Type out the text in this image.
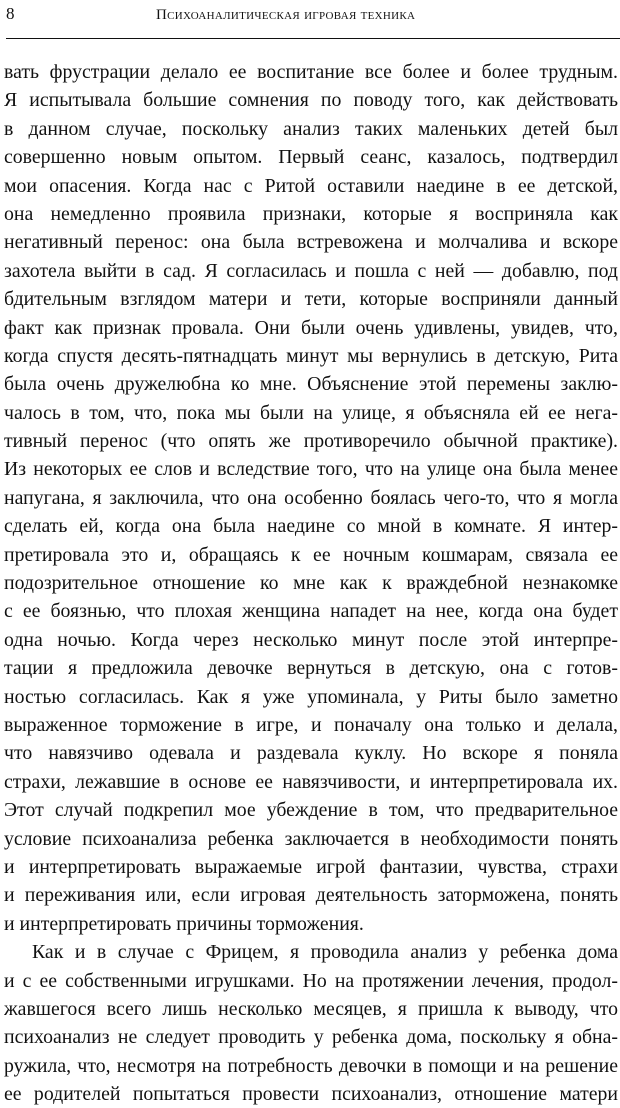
8	Психоаналитическая игровая техника
вать фрустрации делало ее воспитание все более и более трудным.
Я испытывала большие сомнения по поводу того, как действовать
в данном случае, поскольку анализ таких маленьких детей был
совершенно новым опытом. Первый сеанс, казалось, подтвердил
мои опасения. Когда нас с Ритой оставили наедине в ее детской,
она немедленно проявила признаки, которые я восприняла как
негативный перенос: она была встревожена и молчалива и вскоре
захотела выйти в сад. Я согласилась и пошла с ней — добавлю, под
бдительным взглядом матери и тети, которые восприняли данный
факт как признак провала. Они были очень удивлены, увидев, что,
когда спустя десять-пятнадцать минут мы вернулись в детскую, Рита
была очень дружелюбна ко мне. Объяснение этой перемены заклю-
чалось в том, что, пока мы были на улице, я объясняла ей ее нега-
тивный перенос (что опять же противоречило обычной практике).
Из некоторых ее слов и вследствие того, что на улице она была менее
напугана, я заключила, что она особенно боялась чего-то, что я могла
сделать ей, когда она была наедине со мной в комнате. Я интер-
претировала это и, обращаясь к ее ночным кошмарам, связала ее
подозрительное отношение ко мне как к враждебной незнакомке
с ее боязнью, что плохая женщина нападет на нее, когда она будет
одна ночью. Когда через несколько минут после этой интерпре-
тации я предложила девочке вернуться в детскую, она с готов-
ностью согласилась. Как я уже упоминала, у Риты было заметно
выраженное торможение в игре, и поначалу она только и делала,
что навязчиво одевала и раздевала куклу. Но вскоре я поняла
страхи, лежавшие в основе ее навязчивости, и интерпретировала их.
Этот случай подкрепил мое убеждение в том, что предварительное
условие психоанализа ребенка заключается в необходимости понять
и интерпретировать выражаемые игрой фантазии, чувства, страхи
и переживания или, если игровая деятельность заторможена, понять
и интерпретировать причины торможения.
Как и в случае с Фрицем, я проводила анализ у ребенка дома
и с ее собственными игрушками. Но на протяжении лечения, продол-
жавшегося всего лишь несколько месяцев, я пришла к выводу, что
психоанализ не следует проводить у ребенка дома, поскольку я обна-
ружила, что, несмотря на потребность девочки в помощи и на решение
ее родителей попытаться провести психоанализ, отношение матери
